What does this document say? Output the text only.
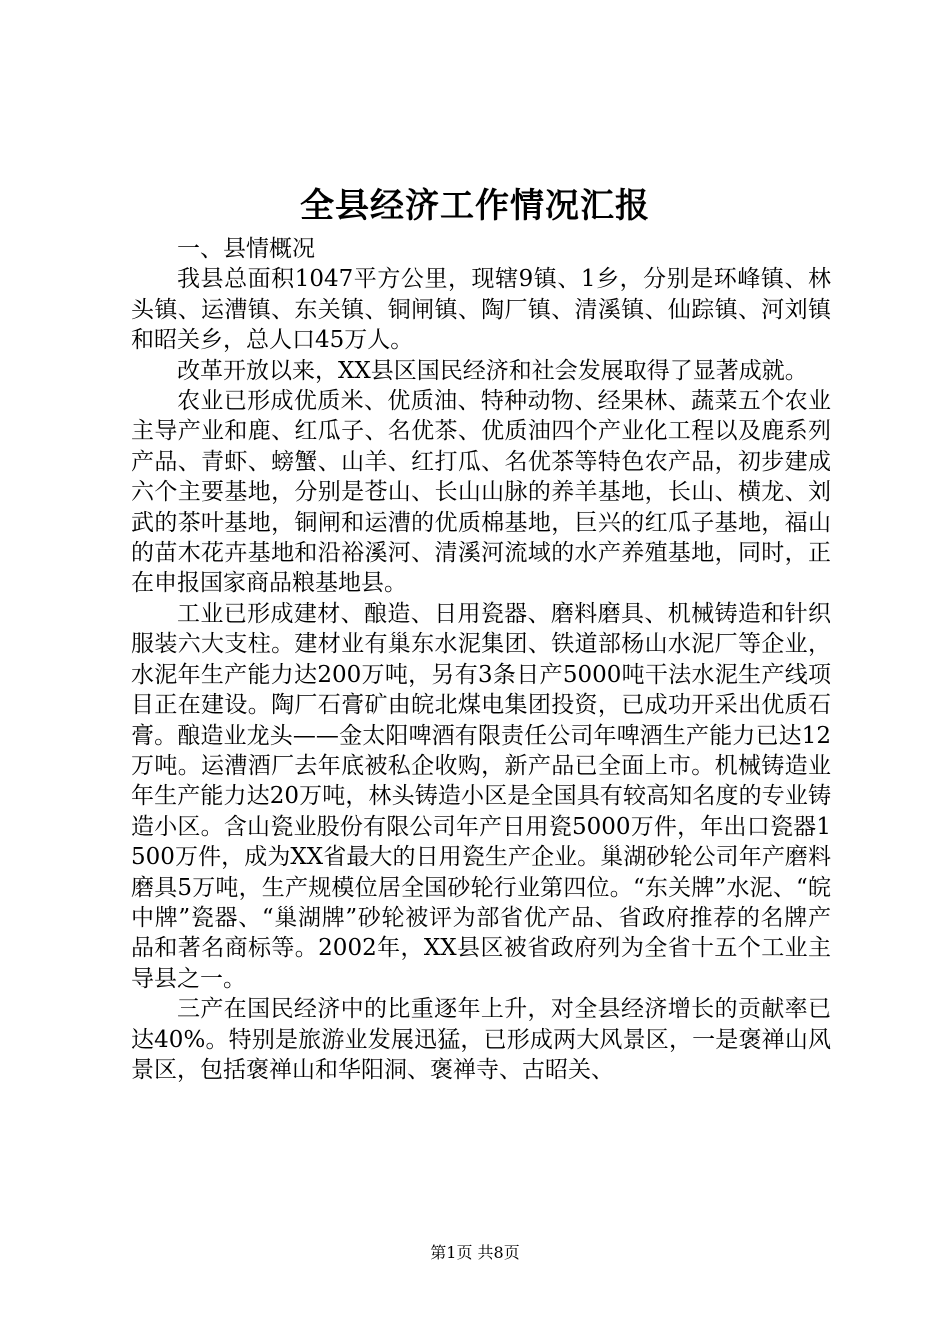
全县经济工作情况汇报

一、县情概况

我县总面积1047平方公里，现辖9镇、1乡，分别是环峰镇、林头镇、运漕镇、东关镇、铜闸镇、陶厂镇、清溪镇、仙踪镇、河刘镇和昭关乡，总人口45万人。

改革开放以来，XX县区国民经济和社会发展取得了显著成就。

农业已形成优质米、优质油、特种动物、经果林、蔬菜五个农业主导产业和鹿、红瓜子、名优茶、优质油四个产业化工程以及鹿系列产品、青虾、螃蟹、山羊、红打瓜、名优茶等特色农产品，初步建成六个主要基地，分别是苍山、长山山脉的养羊基地，长山、横龙、刘武的茶叶基地，铜闸和运漕的优质棉基地，巨兴的红瓜子基地，福山的苗木花卉基地和沿裕溪河、清溪河流域的水产养殖基地，同时，正在申报国家商品粮基地县。

工业已形成建材、酿造、日用瓷器、磨料磨具、机械铸造和针织服装六大支柱。建材业有巢东水泥集团、铁道部杨山水泥厂等企业，水泥年生产能力达200万吨，另有3条日产5000吨干法水泥生产线项目正在建设。陶厂石膏矿由皖北煤电集团投资，已成功开采出优质石膏。酿造业龙头——金太阳啤酒有限责任公司年啤酒生产能力已达12万吨。运漕酒厂去年底被私企收购，新产品已全面上市。机械铸造业年生产能力达20万吨，林头铸造小区是全国具有较高知名度的专业铸造小区。含山瓷业股份有限公司年产日用瓷5000万件，年出口瓷器1500万件，成为XX省最大的日用瓷生产企业。巢湖砂轮公司年产磨料磨具5万吨，生产规模位居全国砂轮行业第四位。“东关牌”水泥、“皖中牌”瓷器、“巢湖牌”砂轮被评为部省优产品、省政府推荐的名牌产品和著名商标等。2002年，XX县区被省政府列为全省十五个工业主导县之一。

三产在国民经济中的比重逐年上升，对全县经济增长的贡献率已达40%。特别是旅游业发展迅猛，已形成两大风景区，一是褒禅山风景区，包括褒禅山和华阳洞、褒禅寺、古昭关、

第1页 共8页
